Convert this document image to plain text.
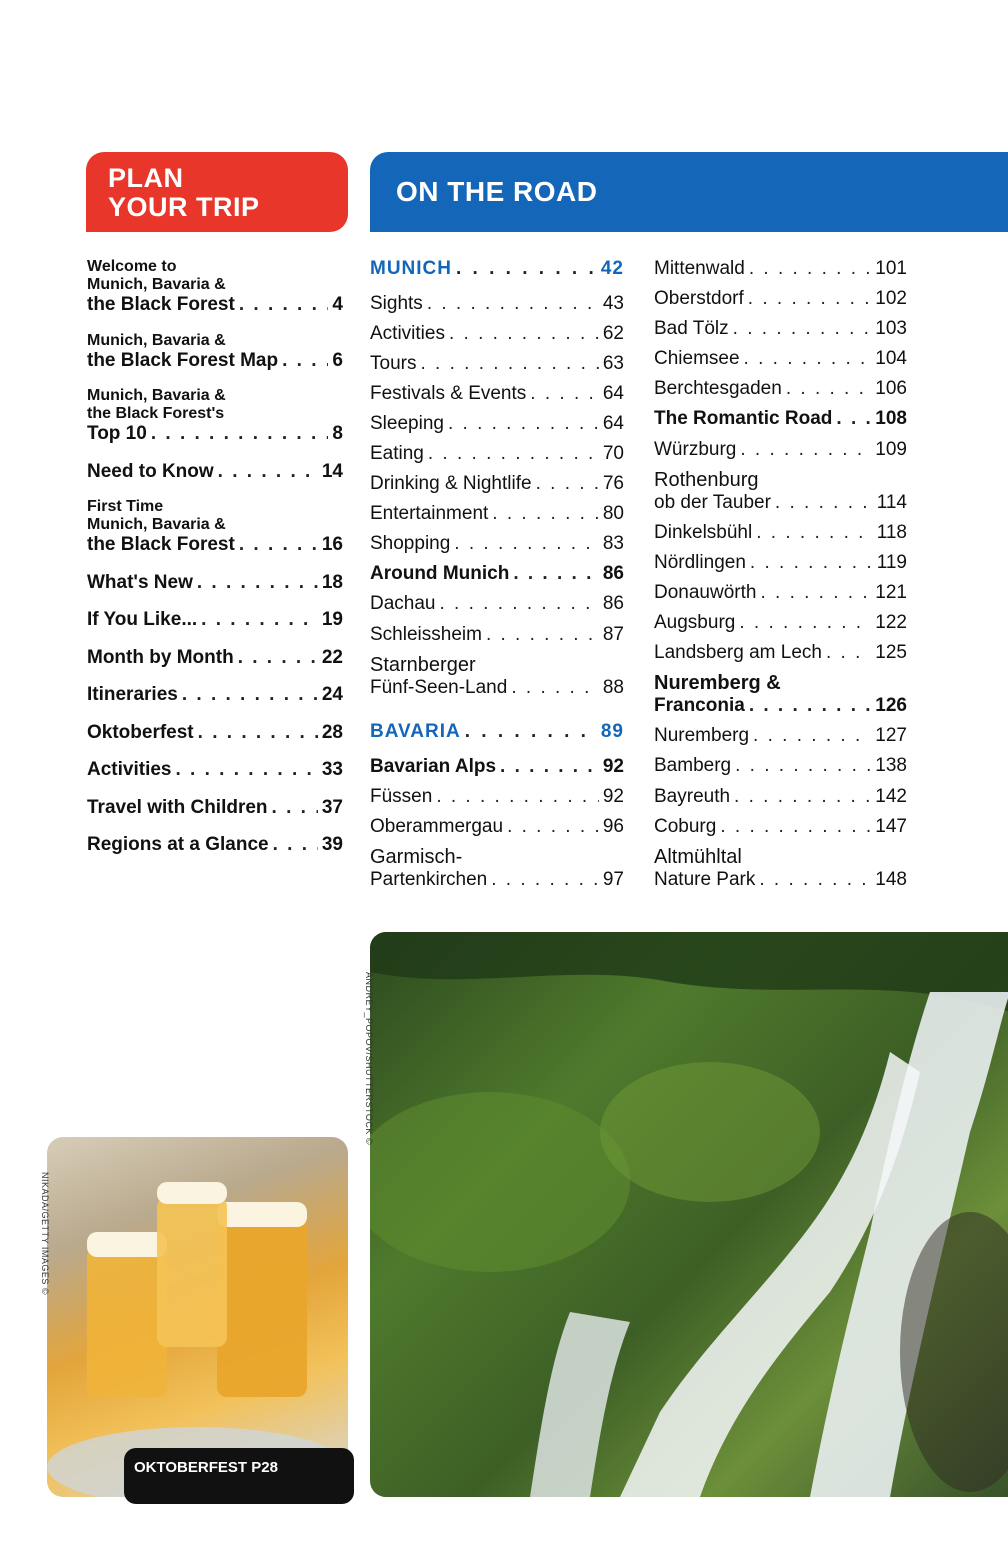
PLAN
YOUR TRIP	ON THE ROAD
Welcome to
Munich, Bavaria &
the Black Forest . . .	4
Munich, Bavaria &
the Black Forest Map . . .	6
Munich, Bavaria &
the Black Forest's
Top 10 . . .	8
Need to Know . . .	14
First Time
Munich, Bavaria &
the Black Forest . . .	16
What's New . . .	18
If You Like... . . .	19
Month by Month . . .	22
Itineraries . . .	24
Oktoberfest . . .	28
Activities . . .	33
Travel with Children . . .	37
Regions at a Glance . . .	39
MUNICH . . .	42
Sights . . .	43
Activities . . .	62
Tours . . .	63
Festivals & Events . . .	64
Sleeping . . .	64
Eating . . .	70
Drinking & Nightlife . . .	76
Entertainment . . .	80
Shopping . . .	83
Around Munich . . .	86
Dachau . . .	86
Schleissheim . . .	87
Starnberger
Fünf-Seen-Land . . .	88
BAVARIA . . .	89
Bavarian Alps . . .	92
Füssen . . .	92
Oberammergau . . .	96
Garmisch-
Partenkirchen . . .	97
Mittenwald . . .	101
Oberstdorf . . .	102
Bad Tölz . . .	103
Chiemsee . . .	104
Berchtesgaden . . .	106
The Romantic Road . . . 108
Würzburg . . .	109
Rothenburg
ob der Tauber . . .	114
Dinkelsbühl . . .	118
Nördlingen . . .	119
Donauwörth . . .	121
Augsburg . . .	122
Landsberg am Lech . . .	125
Nuremberg &
Franconia . . .	126
Nuremberg . . .	127
Bamberg . . .	138
Bayreuth . . .	142
Coburg . . .	147
Altmühltal
Nature Park . . .	148
ANDREY_POPOV/SHUTTERSTOCK ©
NIKADA/GETTY IMAGES ©
OKTOBERFEST P28
